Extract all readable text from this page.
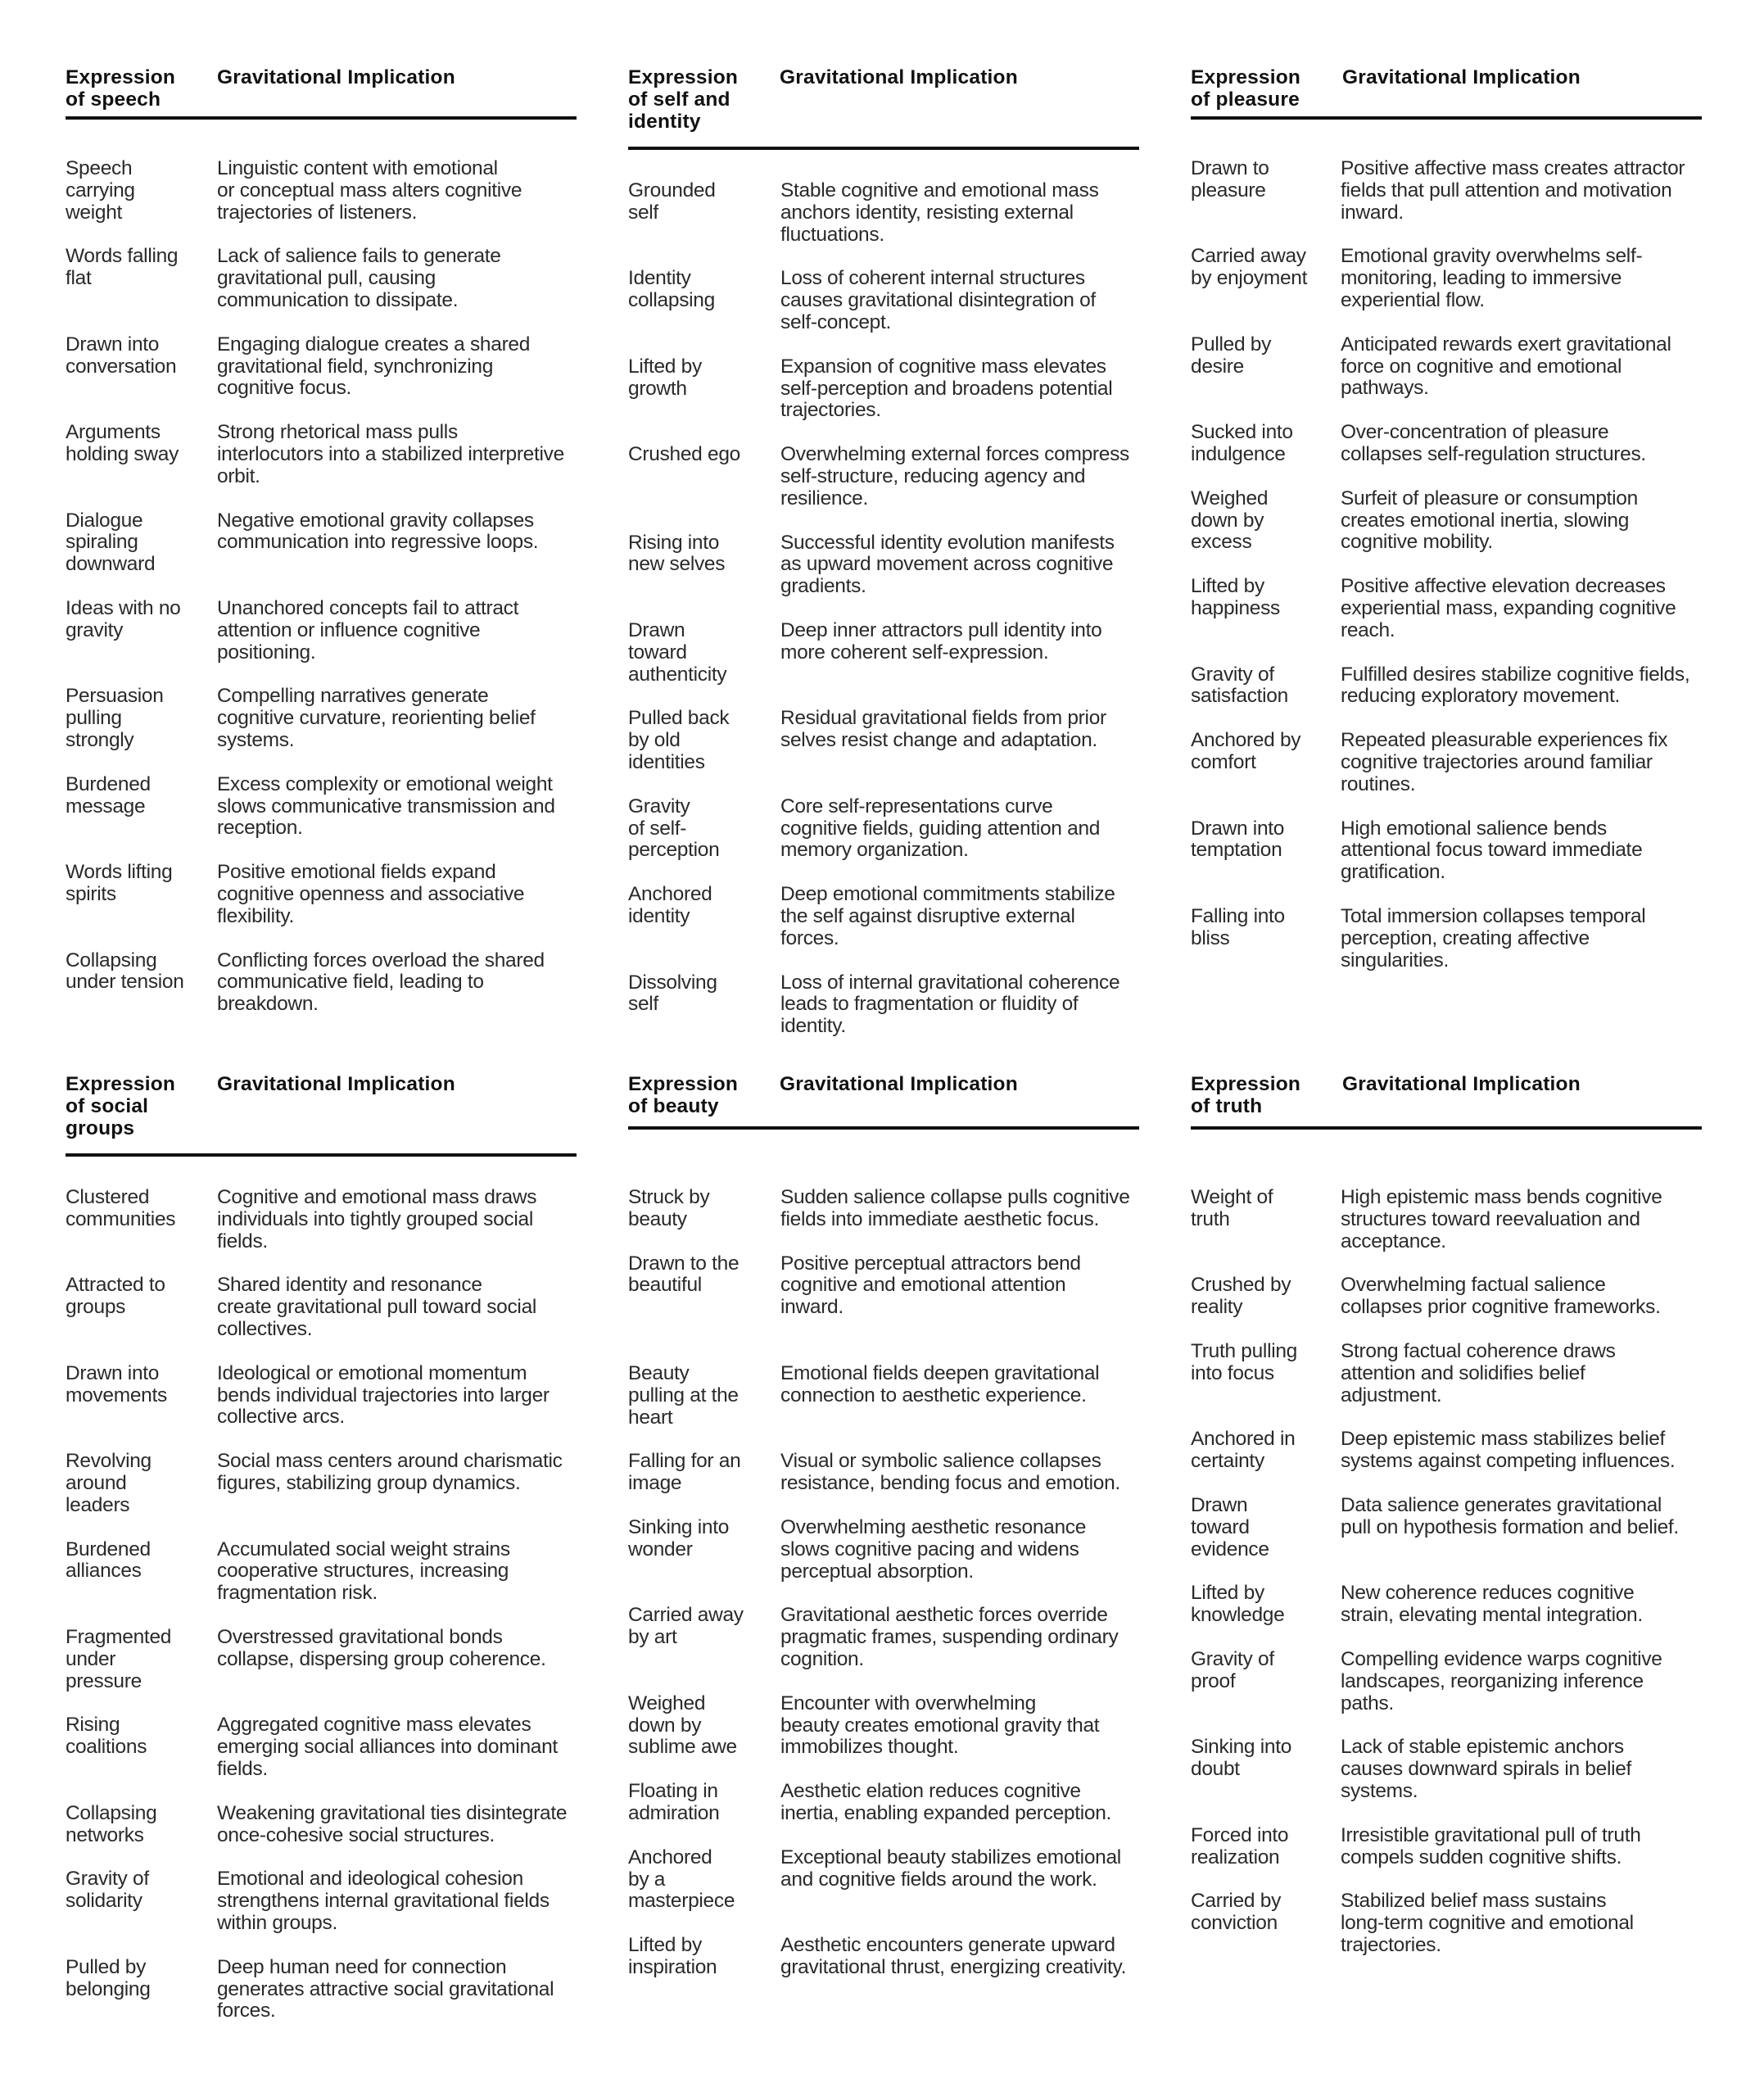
Expression
of speech
Gravitational Implication
Speech
carrying
weight
Linguistic content with emotional
or conceptual mass alters cognitive
trajectories of listeners.
Words falling
flat
Lack of salience fails to generate
gravitational pull, causing
communication to dissipate.
Drawn into
conversation
Engaging dialogue creates a shared
gravitational field, synchronizing
cognitive focus.
Arguments
holding sway
Strong rhetorical mass pulls
interlocutors into a stabilized interpretive
orbit.
Dialogue
spiraling
downward
Negative emotional gravity collapses
communication into regressive loops.
Ideas with no
gravity
Unanchored concepts fail to attract
attention or influence cognitive
positioning.
Persuasion
pulling
strongly
Compelling narratives generate
cognitive curvature, reorienting belief
systems.
Burdened
message
Excess complexity or emotional weight
slows communicative transmission and
reception.
Words lifting
spirits
Positive emotional fields expand
cognitive openness and associative
flexibility.
Collapsing
under tension
Conflicting forces overload the shared
communicative field, leading to
breakdown.
Expression
of self and
identity
Gravitational Implication
Grounded
self
Stable cognitive and emotional mass
anchors identity, resisting external
fluctuations.
Identity
collapsing
Loss of coherent internal structures
causes gravitational disintegration of
self-concept.
Lifted by
growth
Expansion of cognitive mass elevates
self-perception and broadens potential
trajectories.
Crushed ego	Overwhelming external forces compress
self-structure, reducing agency and
resilience.
Rising into
new selves
Successful identity evolution manifests
as upward movement across cognitive
gradients.
Drawn
toward
authenticity
Deep inner attractors pull identity into
more coherent self-expression.
Pulled back
by old
identities
Residual gravitational fields from prior
selves resist change and adaptation.
Gravity
of self-
perception
Core self-representations curve
cognitive fields, guiding attention and
memory organization.
Anchored
identity
Deep emotional commitments stabilize
the self against disruptive external
forces.
Dissolving
self
Loss of internal gravitational coherence
leads to fragmentation or fluidity of
identity.
Expression
of pleasure
Gravitational Implication
Drawn to
pleasure
Positive affective mass creates attractor
fields that pull attention and motivation
inward.
Carried away
by enjoyment
Emotional gravity overwhelms self-
monitoring, leading to immersive
experiential flow.
Pulled by
desire
Anticipated rewards exert gravitational
force on cognitive and emotional
pathways.
Sucked into
indulgence
Over-concentration of pleasure
collapses self-regulation structures.
Weighed
down by
excess
Surfeit of pleasure or consumption
creates emotional inertia, slowing
cognitive mobility.
Lifted by
happiness
Positive affective elevation decreases
experiential mass, expanding cognitive
reach.
Gravity of
satisfaction
Fulfilled desires stabilize cognitive fields,
reducing exploratory movement.
Anchored by
comfort
Repeated pleasurable experiences fix
cognitive trajectories around familiar
routines.
Drawn into
temptation
High emotional salience bends
attentional focus toward immediate
gratification.
Falling into
bliss
Total immersion collapses temporal
perception, creating affective
singularities.
Expression
of social
groups
Gravitational Implication
Clustered
communities
Cognitive and emotional mass draws
individuals into tightly grouped social
fields.
Attracted to
groups
Shared identity and resonance
create gravitational pull toward social
collectives.
Drawn into
movements
Ideological or emotional momentum
bends individual trajectories into larger
collective arcs.
Revolving
around
leaders
Social mass centers around charismatic
figures, stabilizing group dynamics.
Burdened
alliances
Accumulated social weight strains
cooperative structures, increasing
fragmentation risk.
Fragmented
under
pressure
Overstressed gravitational bonds
collapse, dispersing group coherence.
Rising
coalitions
Aggregated cognitive mass elevates
emerging social alliances into dominant
fields.
Collapsing
networks
Weakening gravitational ties disintegrate
once-cohesive social structures.
Gravity of
solidarity
Emotional and ideological cohesion
strengthens internal gravitational fields
within groups.
Pulled by
belonging
Deep human need for connection
generates attractive social gravitational
forces.
Expression
of beauty
Gravitational Implication
Struck by
beauty
Sudden salience collapse pulls cognitive
fields into immediate aesthetic focus.
Drawn to the
beautiful
Positive perceptual attractors bend
cognitive and emotional attention
inward.
Beauty
pulling at the
heart
Emotional fields deepen gravitational
connection to aesthetic experience.
Falling for an
image
Visual or symbolic salience collapses
resistance, bending focus and emotion.
Sinking into
wonder
Overwhelming aesthetic resonance
slows cognitive pacing and widens
perceptual absorption.
Carried away
by art
Gravitational aesthetic forces override
pragmatic frames, suspending ordinary
cognition.
Weighed
down by
sublime awe
Encounter with overwhelming
beauty creates emotional gravity that
immobilizes thought.
Floating in
admiration
Aesthetic elation reduces cognitive
inertia, enabling expanded perception.
Anchored
by a
masterpiece
Exceptional beauty stabilizes emotional
and cognitive fields around the work.
Lifted by
inspiration
Aesthetic encounters generate upward
gravitational thrust, energizing creativity.
Expression
of truth
Gravitational Implication
Weight of
truth
High epistemic mass bends cognitive
structures toward reevaluation and
acceptance.
Crushed by
reality
Overwhelming factual salience
collapses prior cognitive frameworks.
Truth pulling
into focus
Strong factual coherence draws
attention and solidifies belief
adjustment.
Anchored in
certainty
Deep epistemic mass stabilizes belief
systems against competing influences.
Drawn
toward
evidence
Data salience generates gravitational
pull on hypothesis formation and belief.
Lifted by
knowledge
New coherence reduces cognitive
strain, elevating mental integration.
Gravity of
proof
Compelling evidence warps cognitive
landscapes, reorganizing inference
paths.
Sinking into
doubt
Lack of stable epistemic anchors
causes downward spirals in belief
systems.
Forced into
realization
Irresistible gravitational pull of truth
compels sudden cognitive shifts.
Carried by
conviction
Stabilized belief mass sustains
long-term cognitive and emotional
trajectories.
